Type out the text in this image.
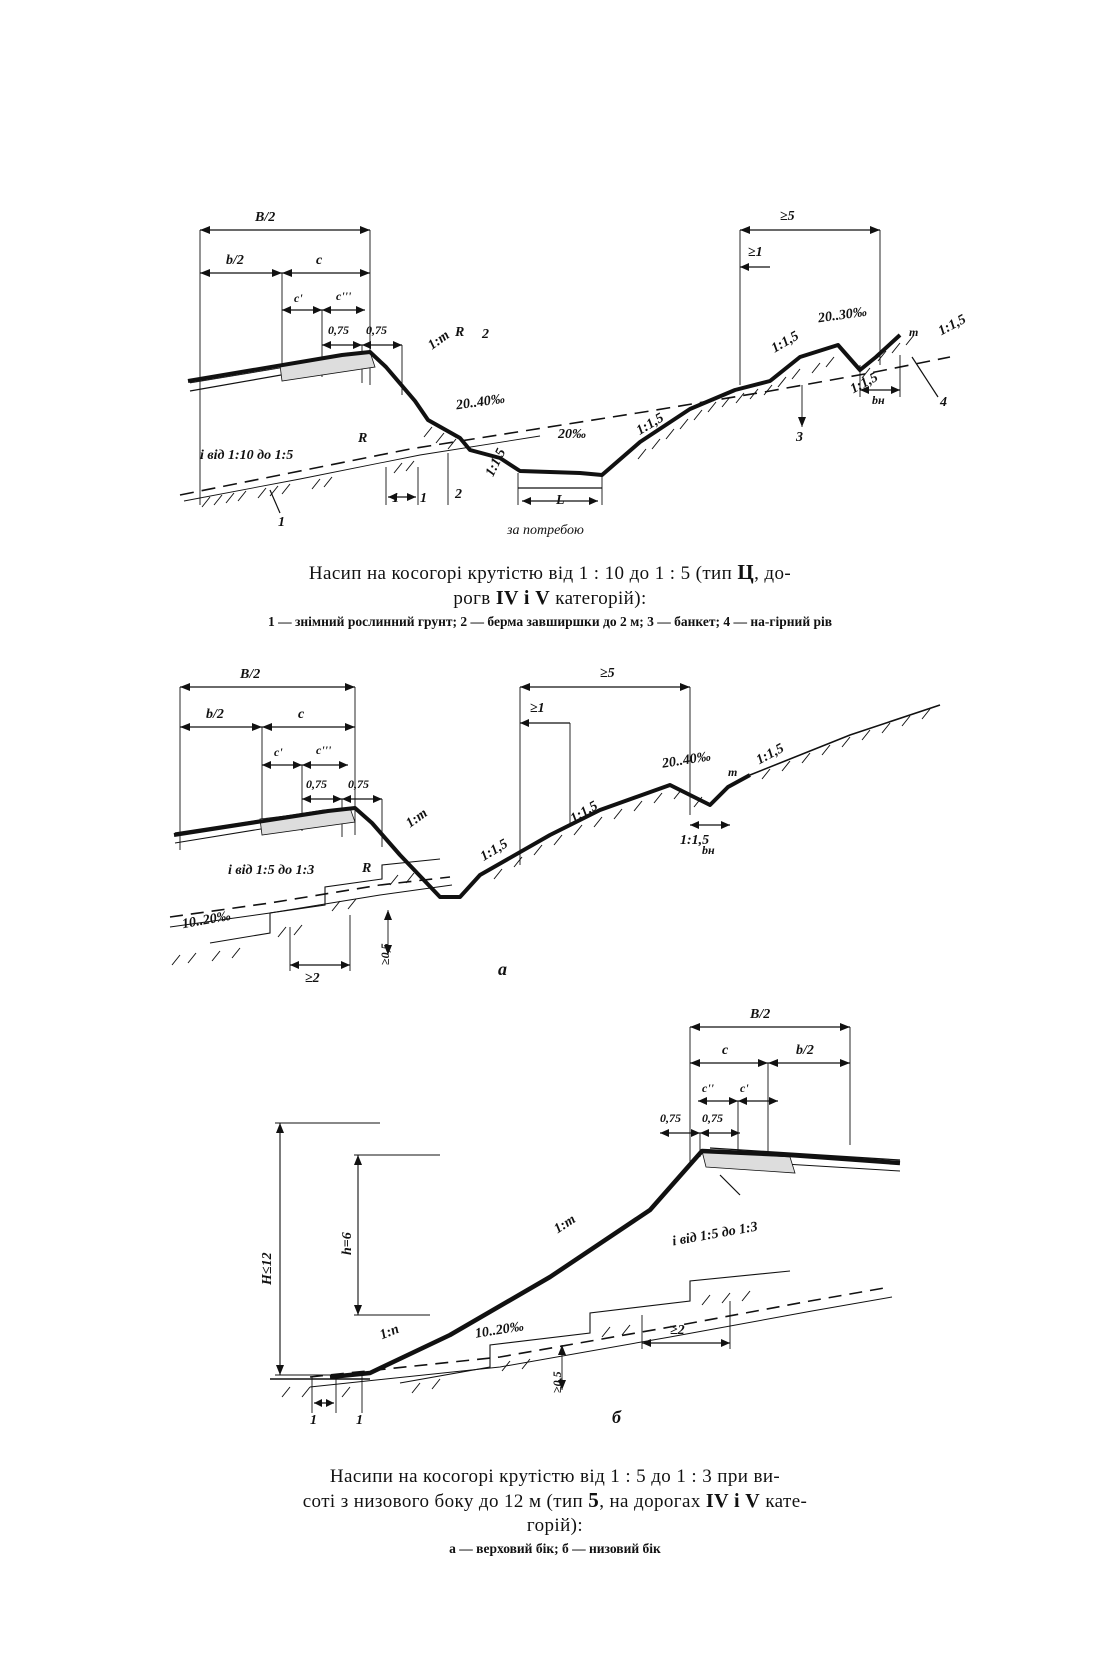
B/2
b/2	c
c'	c'''
0,75 0,75
≥5
≥1
1:m R 2
20..40‰
20‰	1:1,5
1:1,5
20..30‰
1:1,5
m 1:1,5
bн
i від 1:10 до 1:5
R
1 1 2
1:1,5
L
за потребою
1
3
4
Насип на косогорі крутістю від 1 : 10 до 1 : 5 (тип Ц, до-
рогв IV і V категорій):
1 — знімний рослинний грунт; 2 — берма завширшки до 2 м; 3 — банкет; 4 — на-гірний рів
B/2
b/2	c
c'	c'''
0,75 0,75
≥5
≥1
1:m
R
i від 1:5 до 1:3
10..20‰
1:1,5
1:1,5
20..40‰
m
1:1,5
1:1,5
bн
≥2
≥0,5
а
B/2
c	b/2
c'' c'
0,75 0,75
H≤12
h=6
1:m
1:n
i від 1:5 до 1:3
10..20‰	≥2
≥0,5
1	1	б
Насипи на косогорі крутістю від 1 : 5 до 1 : 3 при ви-
соті з низового боку до 12 м (тип 5, на дорогах IV і V кате-
горій):
а — верховий бік; б — низовий бік
